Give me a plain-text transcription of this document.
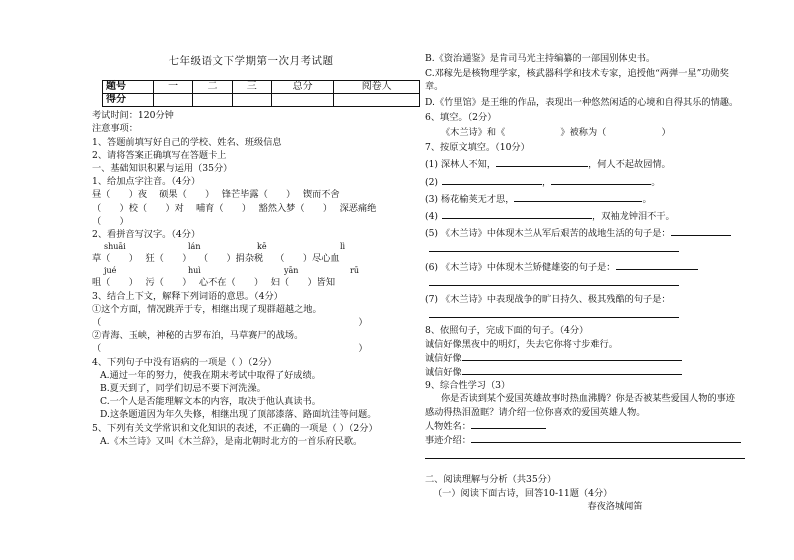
七年级语文下学期第一次月考试题
题号	一	二	三	总分	阅卷人
得分					
考试时间：120分钟
注意事项：
1、答题前填写好自己的学校、姓名、班级信息
2、请将答案正确填写在答题卡上
一、基础知识积累与运用（35分）
1、给加点字注音。（4分）
昼（　　）夜　 硕果（　　）　 锋芒毕露（　　）　 锲而不舍
（　　）校（　　）对　 哺育（　　）　 豁然入梦（　　）　 深恶痛绝
（　　）
2、看拼音写汉字。（4分）
shuāi	lán	kē	lì
草（　　）　 狂（　　）　 （　　）捐杂税　 （　　）尽心血
jué	huì	yān	rū
咀（　　）　 污（　　）　 心不在（　　）　 妇（　　）皆知
3、结合上下文，解释下列词语的意思。（4分）
①这个方面，情况跳弄于专，相继出现了现群超越之地。
（　　　　　　　　　　　　　　　　　　　　　　　　　　　　）
②青海、玉峡，神秘的古罗布泊，马草赛尸的战场。
（　　　　　　　　　　　　　　　　　　　　　　　　　　　　）
4、下列句子中没有语病的一项是（ ）（2分）
A.通过一年的努力，使我在期末考试中取得了好成绩。
B.夏天到了，同学们切忌不要下河洗澡。
C.一个人是否能理解文本的内容，取决于他认真读书。
D.这条题道因为年久失修，相继出现了顶部漆落、路面坑洼等问题。
5、下列有关文学常识和文化知识的表述，不正确的一项是（ ）（2分）
A.《木兰诗》又叫《木兰辞》，是南北朝时北方的一首乐府民歌。
B.《资治通鉴》是肯司马光主持编纂的一部国别体史书。
C.邓稼先是核物理学家，核武器科学和技术专家，追授他“两弹一星”功勋奖
章。
D.《竹里馆》是王维的作品，表现出一种悠然闲适的心境和自得其乐的情趣。
6、填空。（2分）
《木兰诗》和《　　　　　　》被称为（　　　　　　）
7、按原文填空。（10分）
(1) 深林人不知，	，何人不起故园情。
(2)	，	。
(3) 杨花榆荚无才思，	。
(4)	，双袖龙钟泪不干。
(5) 《木兰诗》中体现木兰从军后艰苦的战地生活的句子是：
(6) 《木兰诗》中体现木兰矫健雄姿的句子是：
(7) 《木兰诗》中表现战争的旷日持久、极其残酷的句子是：
8、依照句子，完成下面的句子。（4分）
诚信好像黑夜中的明灯，失去它你将寸步难行。
诚信好像
诚信好像
9、综合性学习（3）
你是否读到某个爱国英雄故事时热血沸腾？你是否被某些爱国人物的事迹
感动得热泪盈眶？请介绍一位你喜欢的爱国英雄人物。
人物姓名：
事迹介绍：
二、阅读理解与分析（共35分）
（一）阅读下面古诗，回答10-11题（4分）
春夜洛城闻笛
